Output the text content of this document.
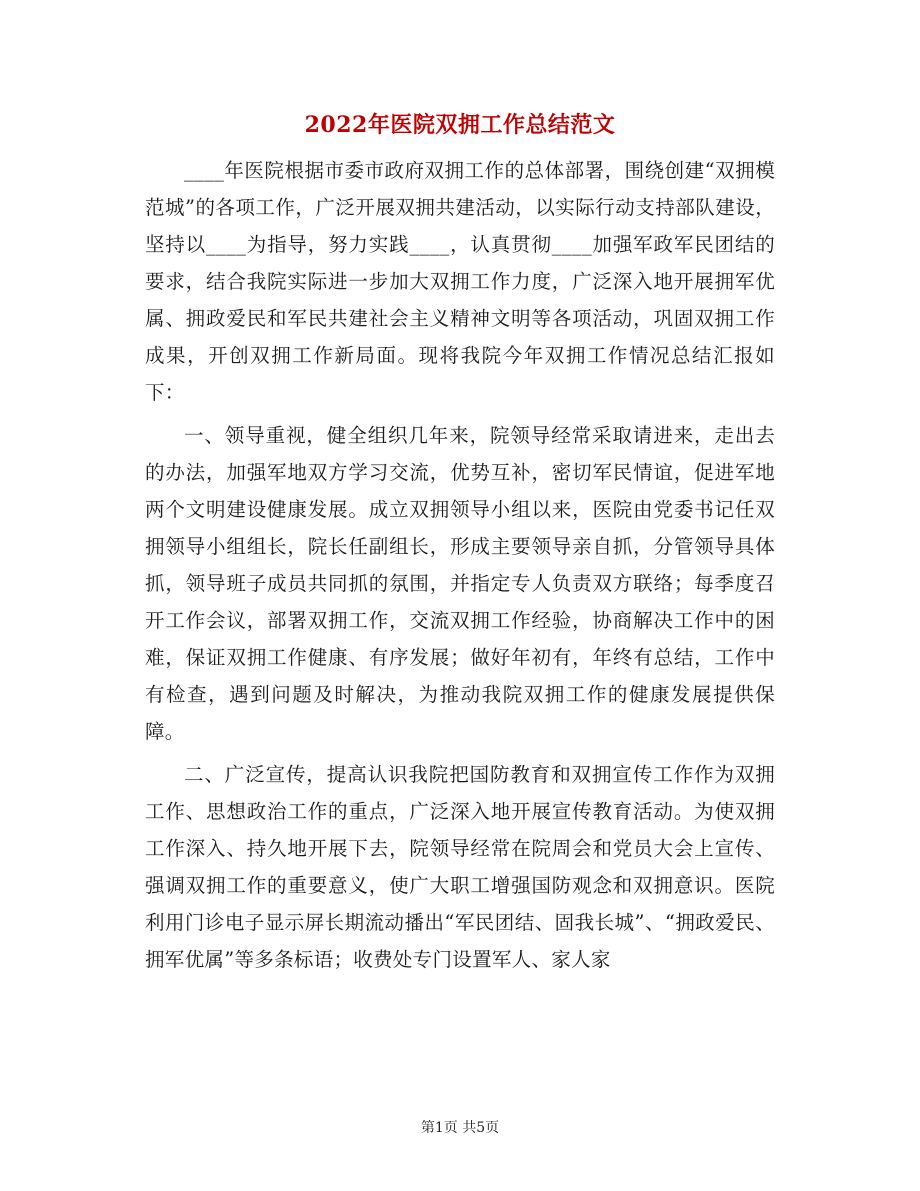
2022年医院双拥工作总结范文

____年医院根据市委市政府双拥工作的总体部署，围绕创建“双拥模范城”的各项工作，广泛开展双拥共建活动，以实际行动支持部队建设，坚持以____为指导，努力实践____，认真贯彻____加强军政军民团结的要求，结合我院实际进一步加大双拥工作力度，广泛深入地开展拥军优属、拥政爱民和军民共建社会主义精神文明等各项活动，巩固双拥工作成果，开创双拥工作新局面。现将我院今年双拥工作情况总结汇报如下：

一、领导重视，健全组织几年来，院领导经常采取请进来，走出去的办法，加强军地双方学习交流，优势互补，密切军民情谊，促进军地两个文明建设健康发展。成立双拥领导小组以来，医院由党委书记任双拥领导小组组长，院长任副组长，形成主要领导亲自抓，分管领导具体抓，领导班子成员共同抓的氛围，并指定专人负责双方联络；每季度召开工作会议，部署双拥工作，交流双拥工作经验，协商解决工作中的困难，保证双拥工作健康、有序发展；做好年初有，年终有总结，工作中有检查，遇到问题及时解决，为推动我院双拥工作的健康发展提供保障。

二、广泛宣传，提高认识我院把国防教育和双拥宣传工作作为双拥工作、思想政治工作的重点，广泛深入地开展宣传教育活动。为使双拥工作深入、持久地开展下去，院领导经常在院周会和党员大会上宣传、强调双拥工作的重要意义，使广大职工增强国防观念和双拥意识。医院利用门诊电子显示屏长期流动播出“军民团结、固我长城”、“拥政爱民、拥军优属”等多条标语；收费处专门设置军人、家人家

第1页 共5页
